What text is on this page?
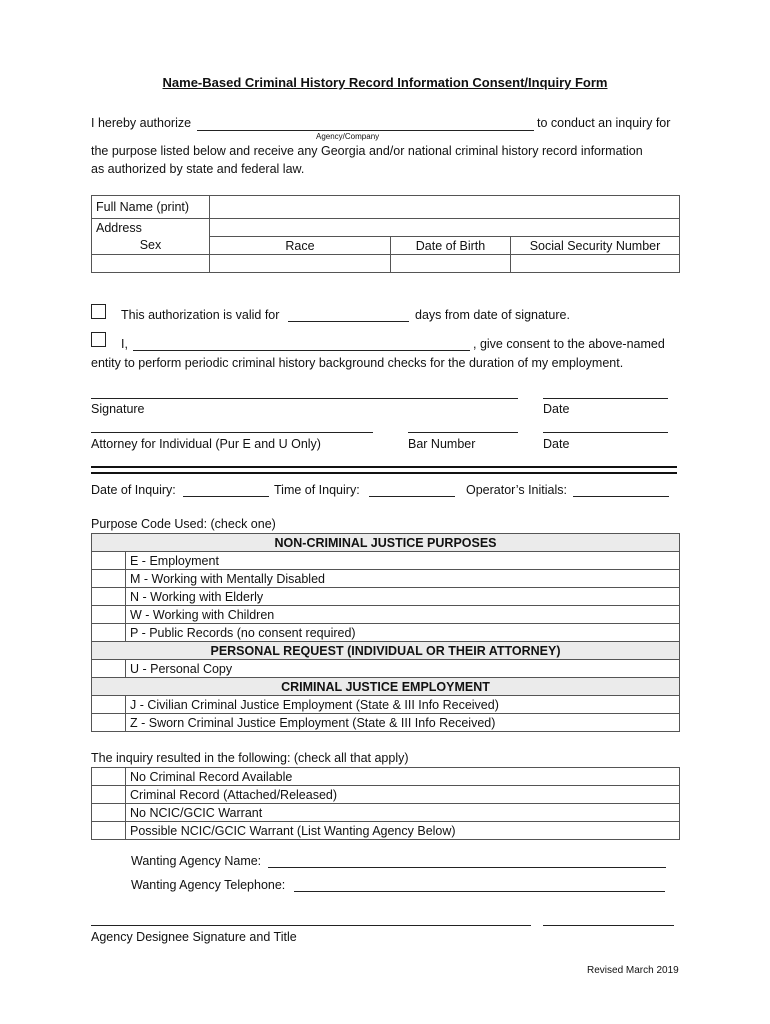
Name-Based Criminal History Record Information Consent/Inquiry Form
I hereby authorize	to conduct an inquiry for
Agency/Company
the purpose listed below and receive any Georgia and/or national criminal history record information
as authorized by state and federal law.
Full Name (print)			
Address			
Sex	Race	Date of Birth	Social Security Number

This authorization is valid for	days from date of signature.
I,	, give consent to the above-named
entity to perform periodic criminal history background checks for the duration of my employment.
Signature	Date
Attorney for Individual (Pur E and U Only)	Bar Number	Date
Date of Inquiry:	Time of Inquiry:	Operator’s Initials:
Purpose Code Used: (check one)
NON-CRIMINAL JUSTICE PURPOSES	
	E - Employment
	M - Working with Mentally Disabled
	N - Working with Elderly
	W - Working with Children
	P - Public Records (no consent required)
PERSONAL REQUEST (INDIVIDUAL OR THEIR ATTORNEY)	
	U - Personal Copy
CRIMINAL JUSTICE EMPLOYMENT	
	J - Civilian Criminal Justice Employment (State & III Info Received)
	Z - Sworn Criminal Justice Employment (State & III Info Received)
The inquiry resulted in the following: (check all that apply)
	No Criminal Record Available
	Criminal Record (Attached/Released)
	No NCIC/GCIC Warrant
	Possible NCIC/GCIC Warrant (List Wanting Agency Below)
Wanting Agency Name:
Wanting Agency Telephone:
Agency Designee Signature and Title
Revised March 2019
